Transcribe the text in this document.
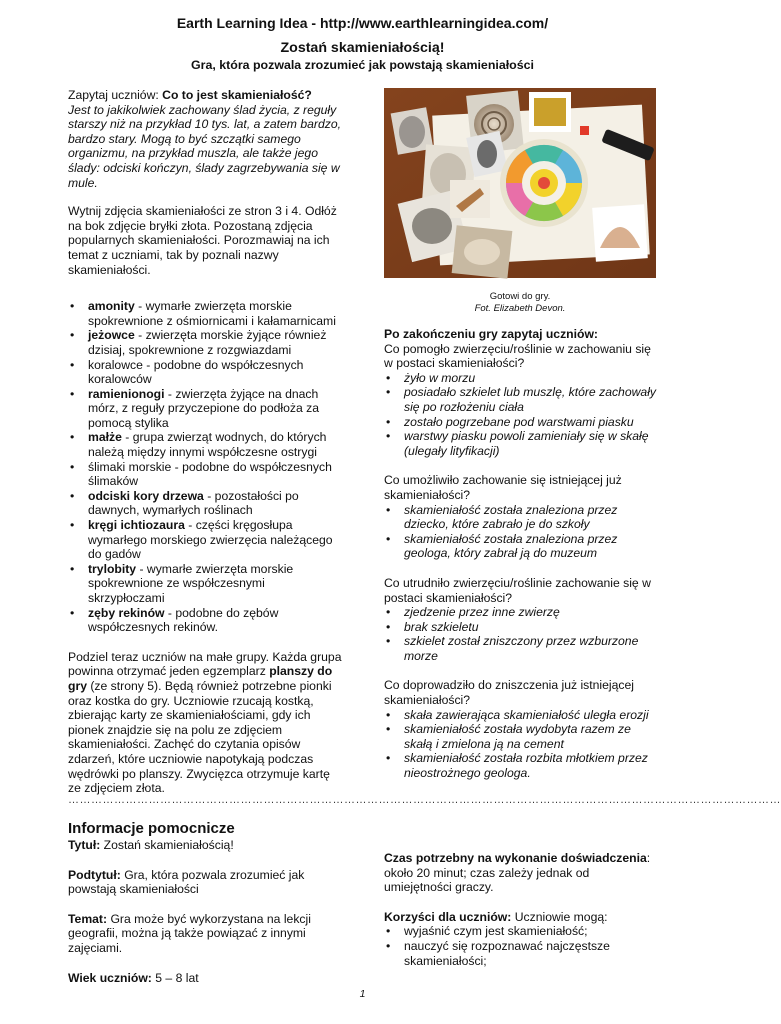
Earth Learning Idea - http://www.earthlearningidea.com/
Zostań skamieniałością!
Gra, która pozwala zrozumieć jak powstają skamieniałości

Zapytaj uczniów: Co to jest skamieniałość?

Jest to jakikolwiek zachowany ślad życia, z reguły starszy niż na przykład 10 tys. lat, a zatem bardzo, bardzo stary. Mogą to być szczątki samego organizmu, na przykład muszla, ale także jego ślady: odciski kończyn, ślady zagrzebywania się w mule.

Wytnij zdjęcia skamieniałości ze stron 3 i 4. Odłóż na bok zdjęcie bryłki złota. Pozostaną zdjęcia popularnych skamieniałości. Porozmawiaj na ich temat z uczniami, tak by poznali nazwy skamieniałości.

• amonity - wymarłe zwierzęta morskie spokrewnione z ośmiornicami i kałamarnicami
• jeżowce - zwierzęta morskie żyjące również dzisiaj, spokrewnione z rozgwiazdami
• koralowce - podobne do współczesnych koralowców
• ramienionogi - zwierzęta żyjące na dnach mórz, z reguły przyczepione do podłoża za pomocą stylika
• małże - grupa zwierząt wodnych, do których należą między innymi współczesne ostrygi
• ślimaki morskie - podobne do współczesnych ślimaków
• odciski kory drzewa - pozostałości po dawnych, wymarłych roślinach
• kręgi ichtiozaura - części kręgosłupa wymarłego morskiego zwierzęcia należącego do gadów
• trylobity - wymarłe zwierzęta morskie spokrewnione ze współczesnymi skrzypłoczami
• zęby rekinów - podobne do zębów współczesnych rekinów.

Podziel teraz uczniów na małe grupy. Każda grupa powinna otrzymać jeden egzemplarz planszy do gry (ze strony 5). Będą również potrzebne pionki oraz kostka do gry. Uczniowie rzucają kostką, zbierając karty ze skamieniałościami, gdy ich pionek znajdzie się na polu ze zdjęciem skamieniałości. Zachęć do czytania opisów zdarzeń, które uczniowie napotykają podczas wędrówki po planszy. Zwycięzca otrzymuje kartę ze zdjęciem złota.

Gotowi do gry.
Fot. Elizabeth Devon.

Po zakończeniu gry zapytaj uczniów:

Co pomogło zwierzęciu/roślinie w zachowaniu się w postaci skamieniałości?

• żyło w morzu
• posiadało szkielet lub muszlę, które zachowały się po rozłożeniu ciała
• zostało pogrzebane pod warstwami piasku
• warstwy piasku powoli zamieniały się w skałę (ulegały lityfikacji)

Co umożliwiło zachowanie się istniejącej już skamieniałości?

• skamieniałość została znaleziona przez dziecko, które zabrało je do szkoły
• skamieniałość została znaleziona przez geologa, który zabrał ją do muzeum

Co utrudniło zwierzęciu/roślinie zachowanie się w postaci skamieniałości?

• zjedzenie przez inne zwierzę
• brak szkieletu
• szkielet został zniszczony przez wzburzone morze

Co doprowadziło do zniszczenia już istniejącej skamieniałości?

• skała zawierająca skamieniałość uległa erozji
• skamieniałość została wydobyta razem ze skałą i zmielona ją na cement
• skamieniałość została rozbita młotkiem przez nieostrożnego geologa.
……………………………………………………………………………………………………………………………………………………………………
Informacje pomocnicze

Tytuł: Zostań skamieniałością!

Podtytuł: Gra, która pozwala zrozumieć jak powstają skamieniałości

Temat: Gra może być wykorzystana na lekcji geografii, można ją także powiązać z innymi zajęciami.

Wiek uczniów: 5 – 8 lat

Czas potrzebny na wykonanie doświadczenia: około 20 minut; czas zależy jednak od umiejętności graczy.

Korzyści dla uczniów: Uczniowie mogą:

• wyjaśnić czym jest skamieniałość;
• nauczyć się rozpoznawać najczęstsze skamieniałości;
1
